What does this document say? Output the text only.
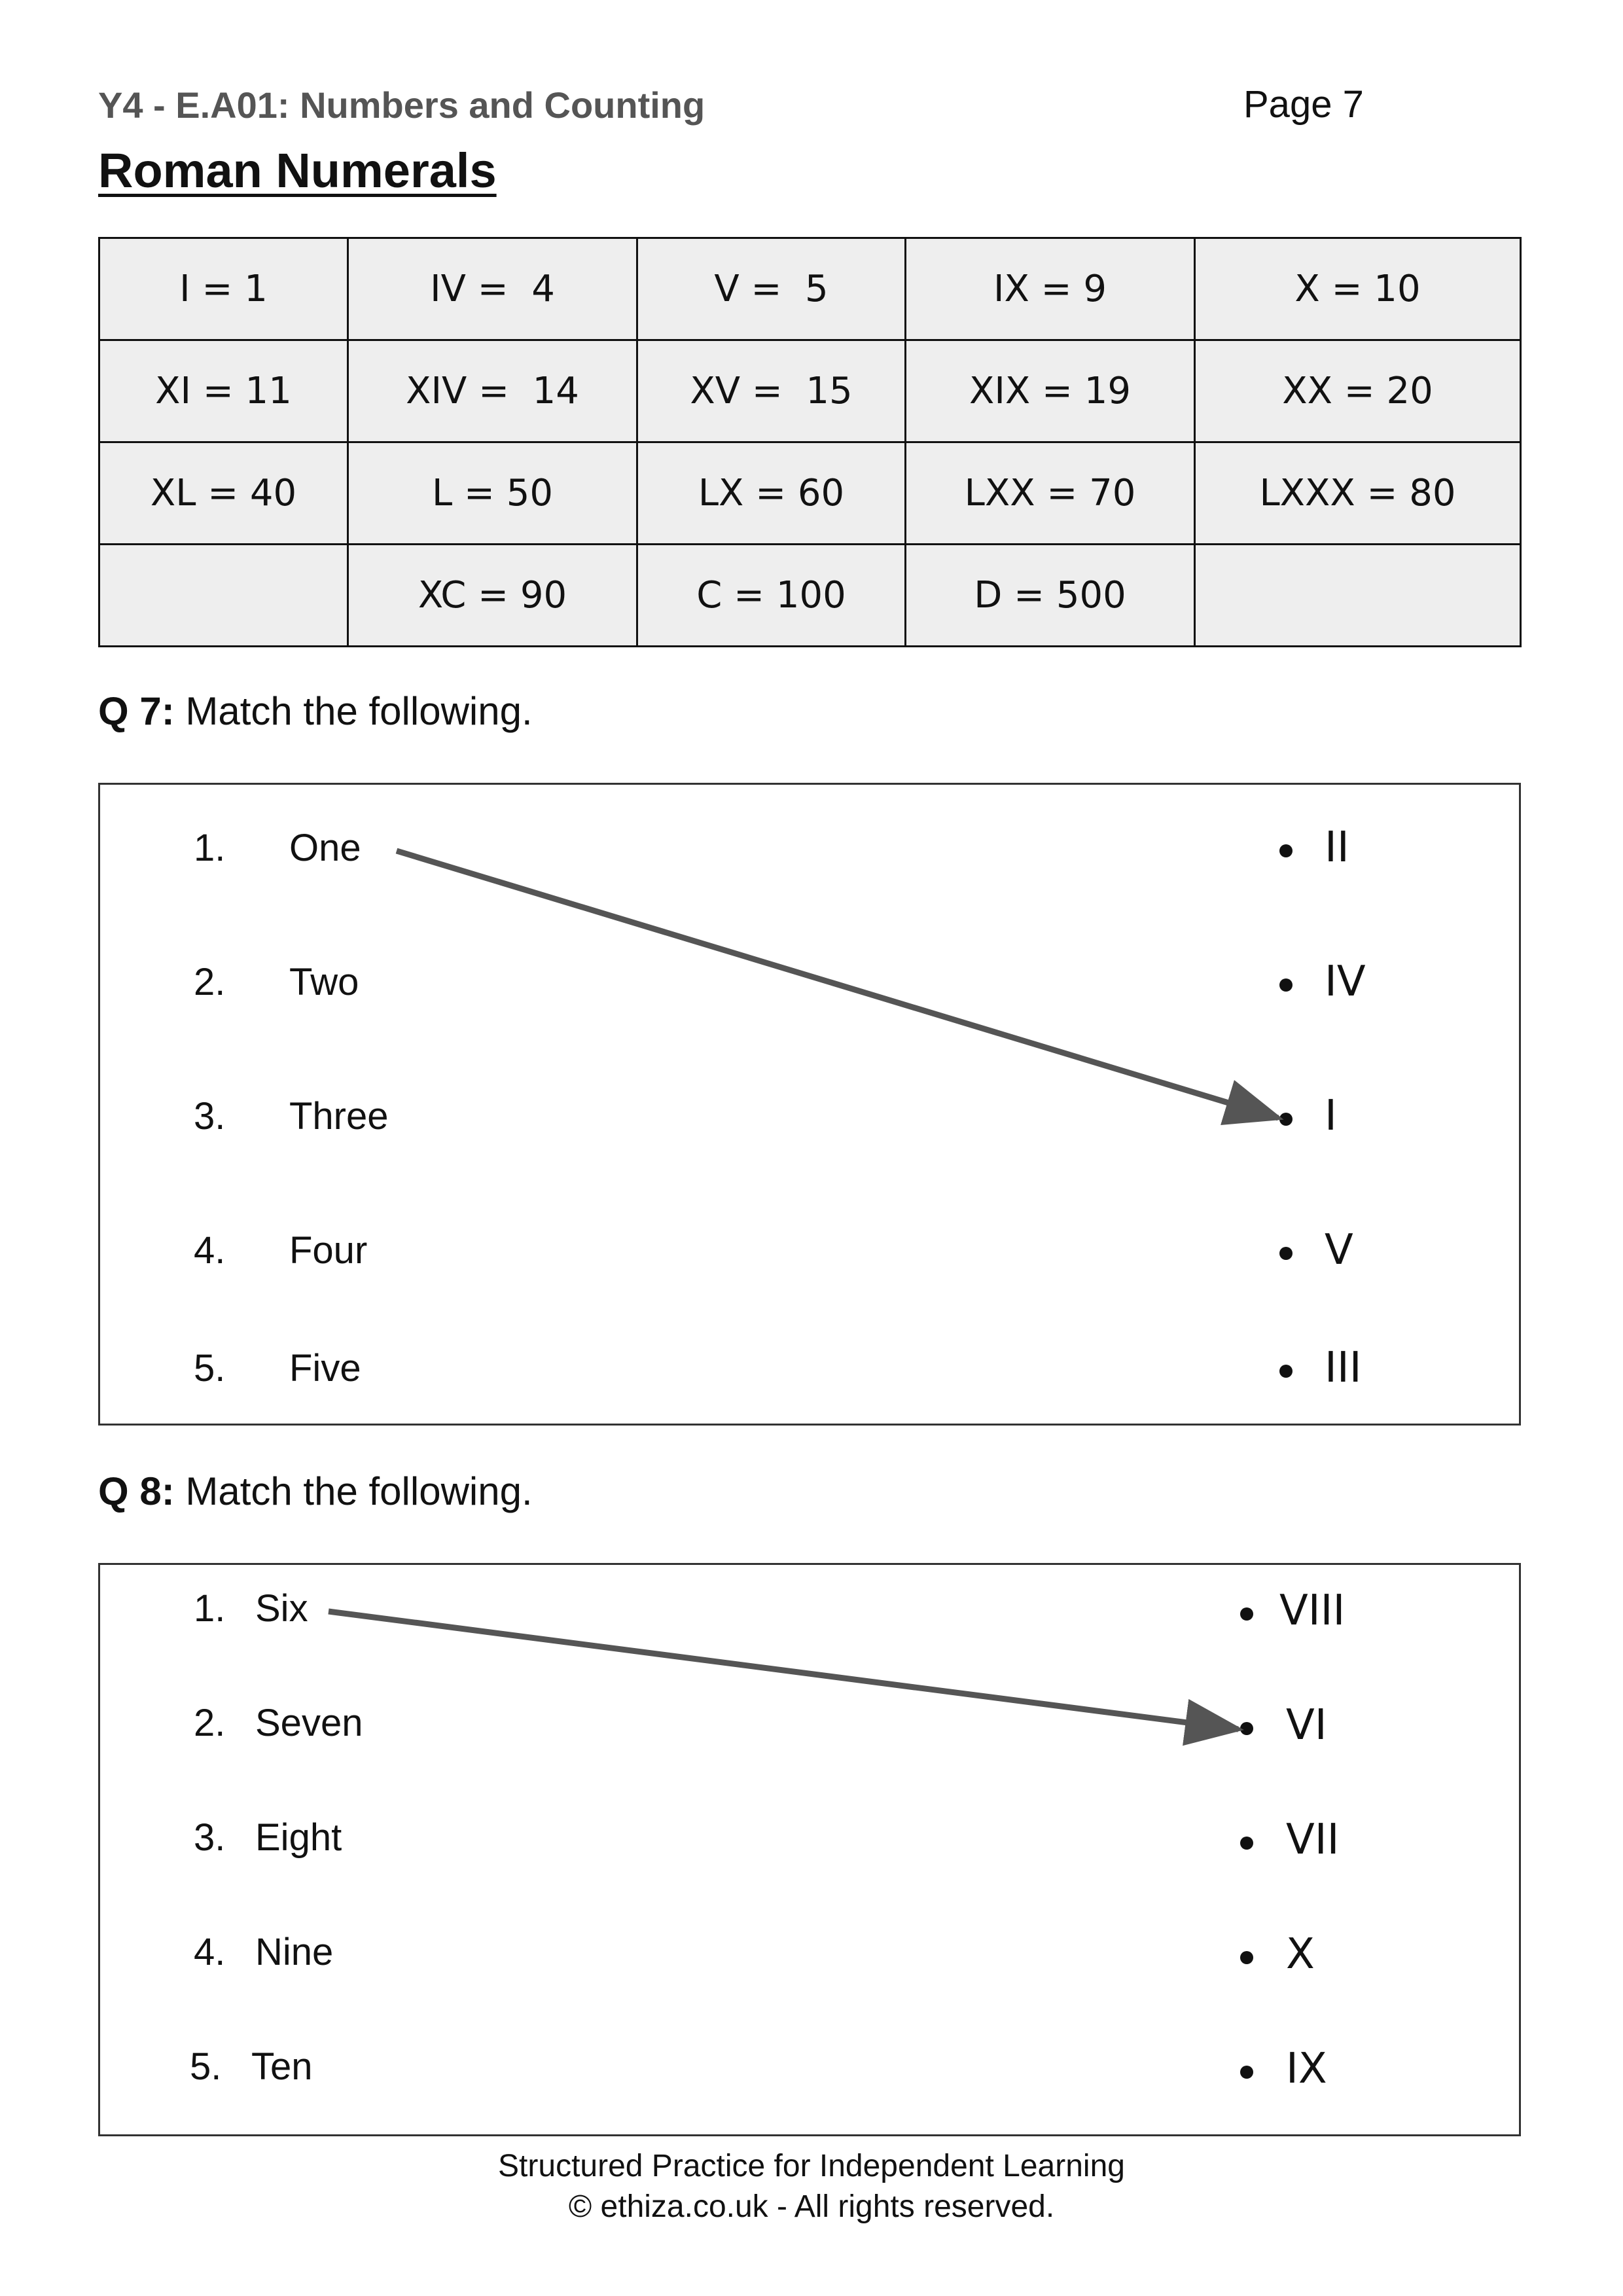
Y4 - E.A01: Numbers and Counting	Page 7
Roman Numerals
I = 1	IV =  4	V =  5	IX = 9	X = 10
XI = 11	XIV =  14	XV =  15	XIX = 19	XX = 20
XL = 40	L = 50	LX = 60	LXX = 70	LXXX = 80
	XC = 90	C = 100	D = 500	
Q 7: Match the following.
1. One
2. Two
3. Three
4. Four
5. Five
II
IV
I
V
III
Q 8: Match the following.
1. Six
2. Seven
3. Eight
4. Nine
5. Ten
VIII
VI
VII
X
IX
Structured Practice for Independent Learning
© ethiza.co.uk - All rights reserved.
